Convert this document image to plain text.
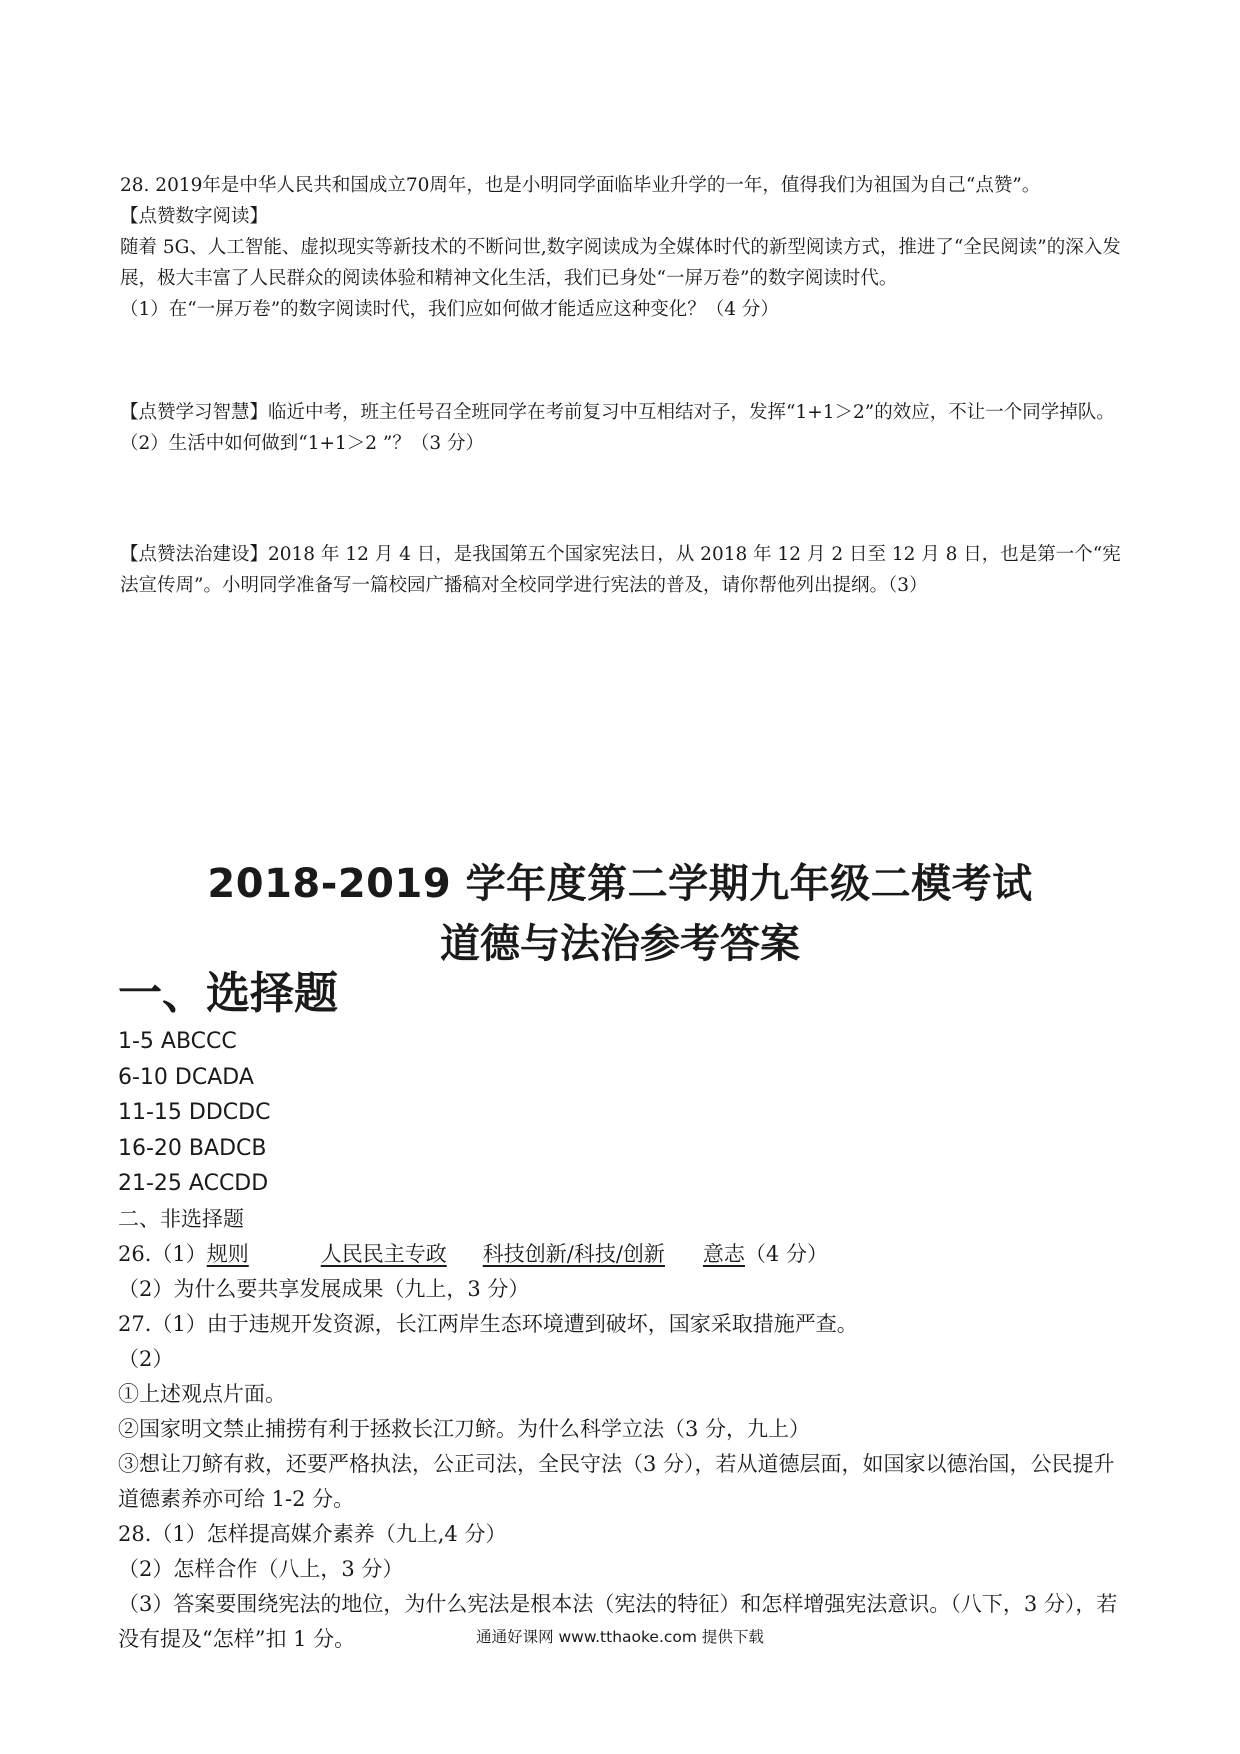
28. 2019年是中华人民共和国成立70周年，也是小明同学面临毕业升学的一年，值得我们为祖国为自己“点赞”。

【点赞数字阅读】

随着 5G、人工智能、虚拟现实等新技术的不断问世,数字阅读成为全媒体时代的新型阅读方式，推进了“全民阅读”的深入发展，极大丰富了人民群众的阅读体验和精神文化生活，我们已身处“一屏万卷”的数字阅读时代。

（1）在“一屏万卷”的数字阅读时代，我们应如何做才能适应这种变化？（4 分）

【点赞学习智慧】临近中考，班主任号召全班同学在考前复习中互相结对子，发挥“1+1＞2”的效应，不让一个同学掉队。

（2）生活中如何做到“1+1＞2 ”？（3 分）

【点赞法治建设】2018 年 12 月 4 日，是我国第五个国家宪法日，从 2018 年 12 月 2 日至 12 月 8 日，也是第一个“宪法宣传周”。小明同学准备写一篇校园广播稿对全校同学进行宪法的普及，请你帮他列出提纲。（3）

2018-2019 学年度第二学期九年级二模考试
道德与法治参考答案
一、选择题

1-5 ABCCC

6-10 DCADA

11-15 DDCDC

16-20 BADCB

21-25 ACCDD

二、非选择题

26.（1）规则	人民民主专政 科技创新/科技/创新 意志（4 分）

（2）为什么要共享发展成果（九上，3 分）

27.（1）由于违规开发资源，长江两岸生态环境遭到破坏，国家采取措施严查。

（2）

①上述观点片面。

②国家明文禁止捕捞有利于拯救长江刀鲚。为什么科学立法（3 分，九上）

③想让刀鲚有救，还要严格执法，公正司法，全民守法（3 分），若从道德层面，如国家以德治国，公民提升道德素养亦可给 1-2 分。

28.（1）怎样提高媒介素养（九上,4 分）

（2）怎样合作（八上，3 分）

（3）答案要围绕宪法的地位，为什么宪法是根本法（宪法的特征）和怎样增强宪法意识。（八下，3 分），若没有提及“怎样”扣 1 分。	通通好课网 www.tthaoke.com 提供下载
